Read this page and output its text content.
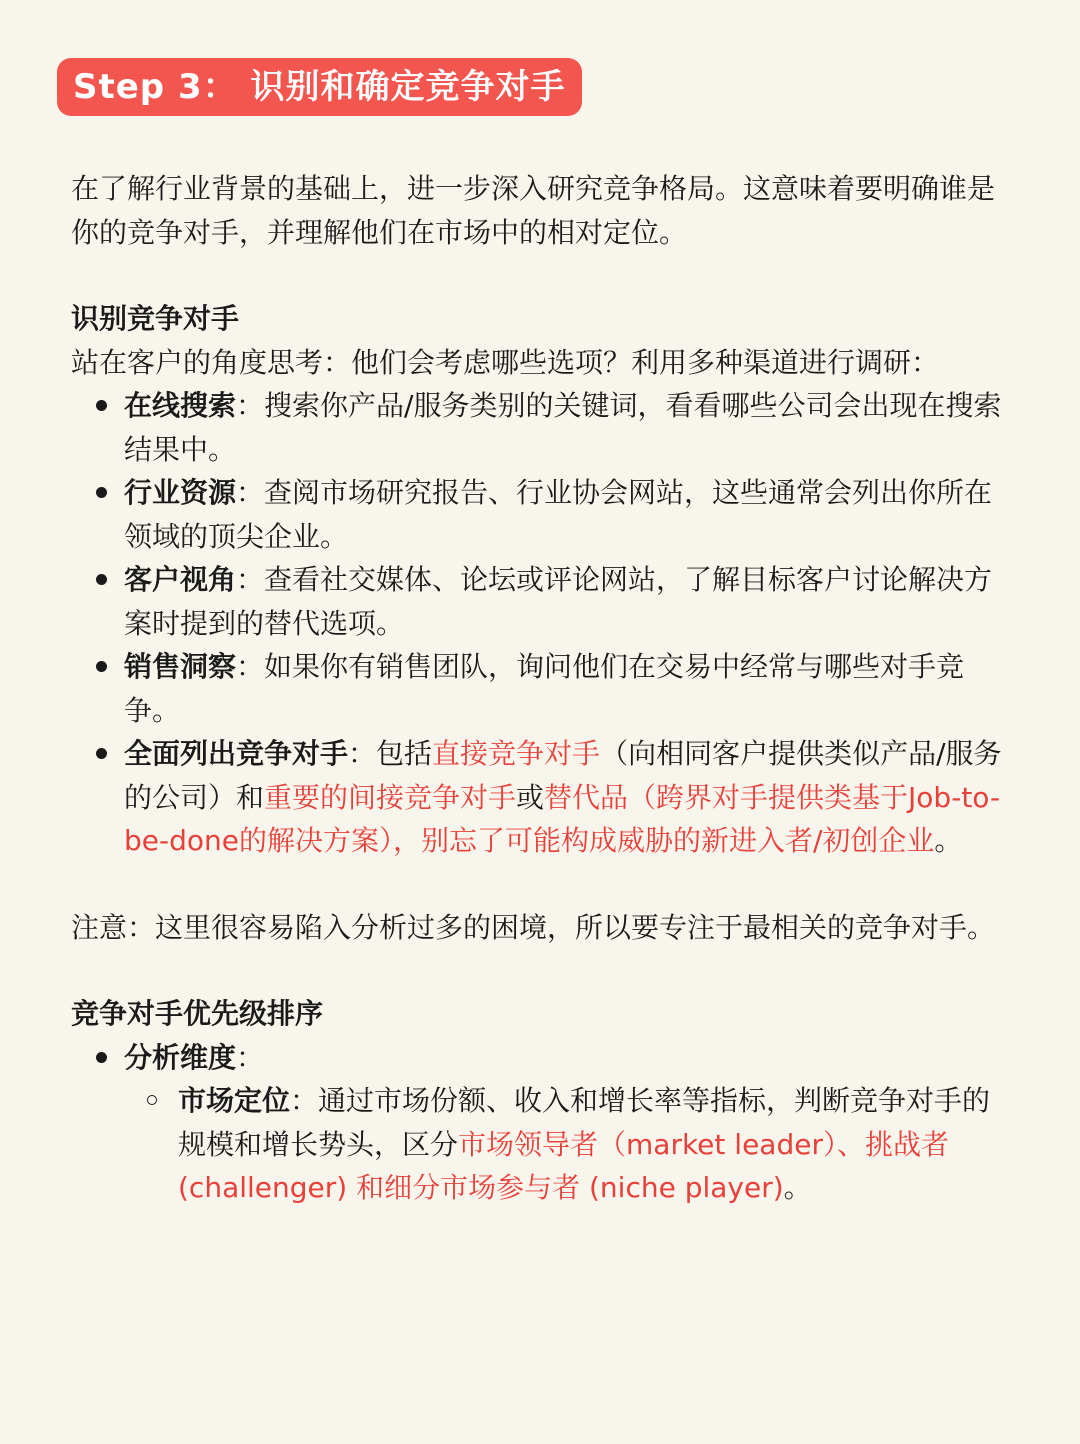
Step 3： 识别和确定竞争对手

在了解行业背景的基础上，进一步深入研究竞争格局。这意味着要明确谁是你的竞争对手，并理解他们在市场中的相对定位。

识别竞争对手

站在客户的角度思考：他们会考虑哪些选项？利用多种渠道进行调研：

在线搜索：搜索你产品/服务类别的关键词，看看哪些公司会出现在搜索结果中。
行业资源：查阅市场研究报告、行业协会网站，这些通常会列出你所在领域的顶尖企业。
客户视角：查看社交媒体、论坛或评论网站，了解目标客户讨论解决方案时提到的替代选项。
销售洞察：如果你有销售团队，询问他们在交易中经常与哪些对手竞争。
全面列出竞争对手：包括直接竞争对手（向相同客户提供类似产品/服务的公司）和重要的间接竞争对手或替代品（跨界对手提供类基于Job-to-be-done的解决方案），别忘了可能构成威胁的新进入者/初创企业。

注意：这里很容易陷入分析过多的困境，所以要专注于最相关的竞争对手。

竞争对手优先级排序

分析维度：
市场定位：通过市场份额、收入和增长率等指标，判断竞争对手的规模和增长势头，区分市场领导者（market leader）、挑战者(challenger) 和细分市场参与者 (niche player)。
